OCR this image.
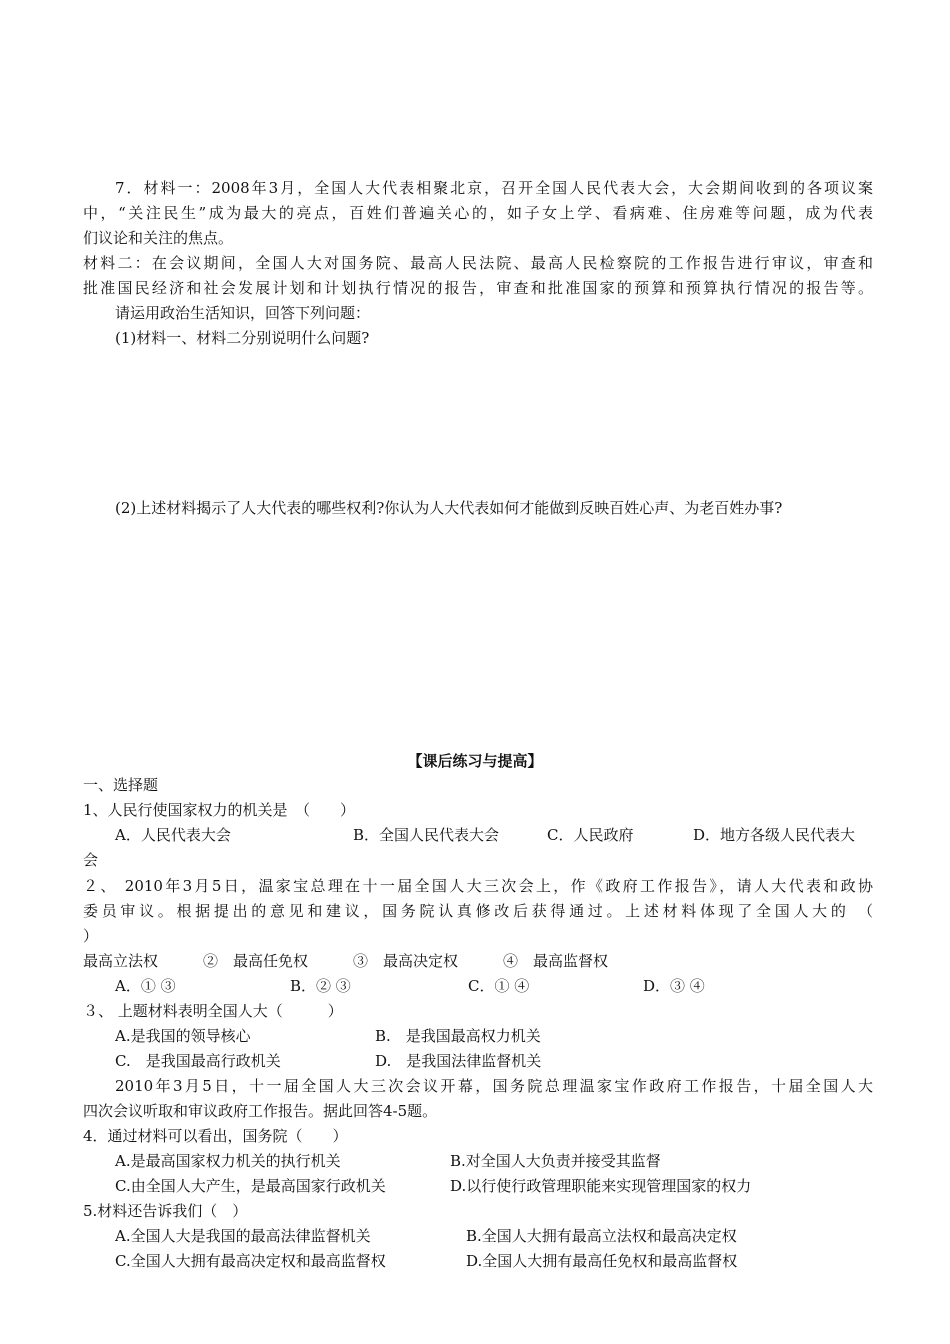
7．材料一：2008年3月，全国人大代表相聚北京，召开全国人民代表大会，大会期间收到的各项议案
中，“关注民生”成为最大的亮点，百姓们普遍关心的，如子女上学、看病难、住房难等问题，成为代表
们议论和关注的焦点。
材料二：在会议期间，全国人大对国务院、最高人民法院、最高人民检察院的工作报告进行审议，审查和
批准国民经济和社会发展计划和计划执行情况的报告，审查和批准国家的预算和预算执行情况的报告等。
请运用政治生活知识，回答下列问题：
(1)材料一、材料二分别说明什么问题?
(2)上述材料揭示了人大代表的哪些权利?你认为人大代表如何才能做到反映百姓心声、为老百姓办事?
【课后练习与提高】
一、选择题
1、人民行使国家权力的机关是　（　　）
A．人民代表大会	B．全国人民代表大会	C．人民政府	D．地方各级人民代表大
会
２、 2010年3月5日，温家宝总理在十一届全国人大三次会上，作《政府工作报告》，请人大代表和政协
委员审议。根据提出的意见和建议，国务院认真修改后获得通过。上述材料体现了全国人大的 （
）
最高立法权　　　②　最高任免权　　　③　最高决定权　　　④　最高监督权
A．① ③	B．② ③	C．① ④	D．③ ④
３、 上题材料表明全国人大（　　　）
A.是我国的领导核心	B.　是我国最高权力机关
C.　是我国最高行政机关	D.　是我国法律监督机关
2010年3月5日，十一届全国人大三次会议开幕，国务院总理温家宝作政府工作报告，十届全国人大
四次会议听取和审议政府工作报告。据此回答4-5题。
4．通过材料可以看出，国务院（　　）
A.是最高国家权力机关的执行机关	B.对全国人大负责并接受其监督
C.由全国人大产生，是最高国家行政机关	D.以行使行政管理职能来实现管理国家的权力
5.材料还告诉我们（　）
A.全国人大是我国的最高法律监督机关	B.全国人大拥有最高立法权和最高决定权
C.全国人大拥有最高决定权和最高监督权	D.全国人大拥有最高任免权和最高监督权
